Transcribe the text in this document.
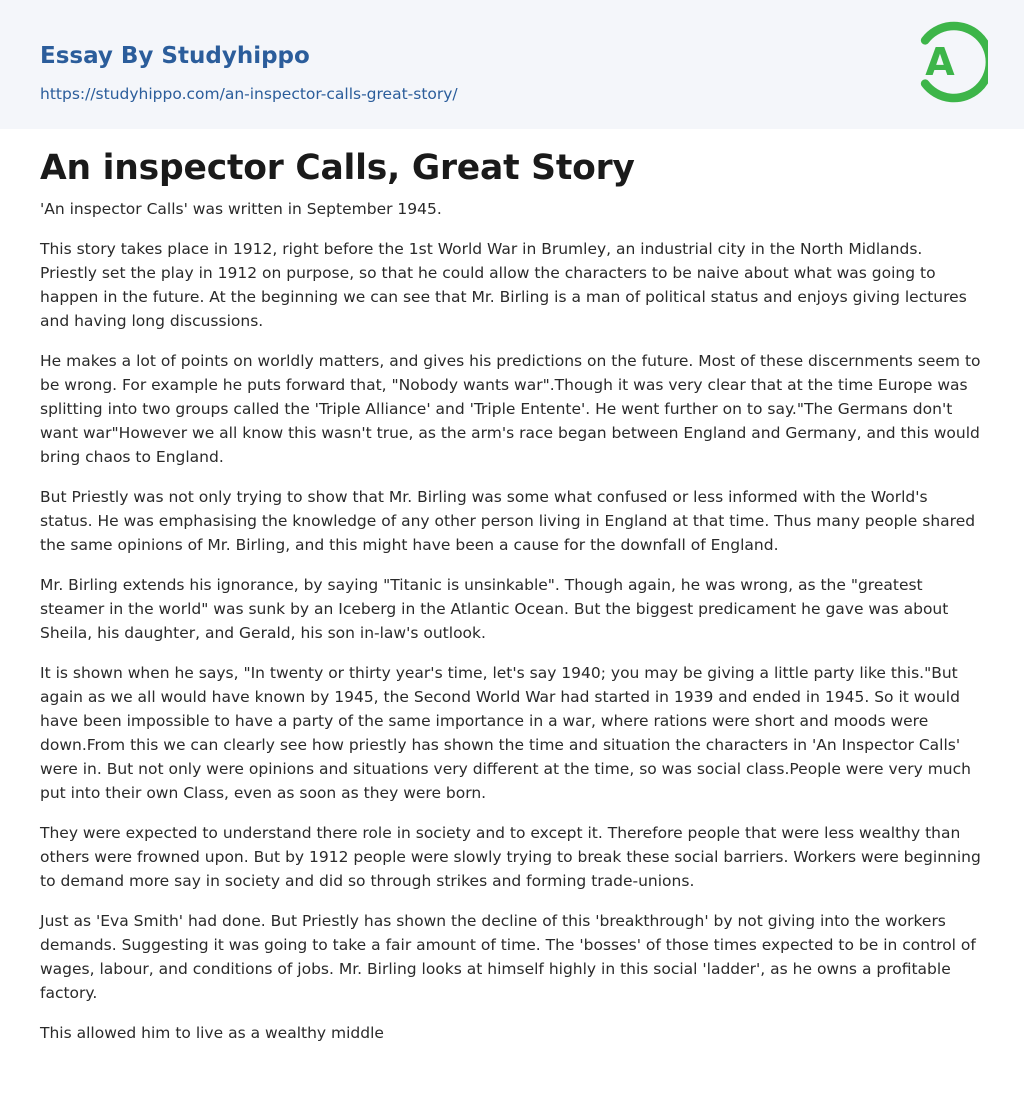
Essay By Studyhippo
https://studyhippo.com/an-inspector-calls-great-story/
A
An inspector Calls, Great Story

'An inspector Calls' was written in September 1945.

This story takes place in 1912, right before the 1st World War in Brumley, an industrial city in the North Midlands. Priestly set the play in 1912 on purpose, so that he could allow the characters to be naive about what was going to happen in the future. At the beginning we can see that Mr. Birling is a man of political status and enjoys giving lectures and having long discussions.

He makes a lot of points on worldly matters, and gives his predictions on the future. Most of these discernments seem to be wrong. For example he puts forward that, "Nobody wants war".Though it was very clear that at the time Europe was splitting into two groups called the 'Triple Alliance' and 'Triple Entente'. He went further on to say."The Germans don't want war"However we all know this wasn't true, as the arm's race began between England and Germany, and this would bring chaos to England.

But Priestly was not only trying to show that Mr. Birling was some what confused or less informed with the World's status. He was emphasising the knowledge of any other person living in England at that time. Thus many people shared the same opinions of Mr. Birling, and this might have been a cause for the downfall of England.

Mr. Birling extends his ignorance, by saying "Titanic is unsinkable". Though again, he was wrong, as the "greatest steamer in the world" was sunk by an Iceberg in the Atlantic Ocean. But the biggest predicament he gave was about Sheila, his daughter, and Gerald, his son in-law's outlook.

It is shown when he says, "In twenty or thirty year's time, let's say 1940; you may be giving a little party like this."But again as we all would have known by 1945, the Second World War had started in 1939 and ended in 1945. So it would have been impossible to have a party of the same importance in a war, where rations were short and moods were down.From this we can clearly see how priestly has shown the time and situation the characters in 'An Inspector Calls' were in. But not only were opinions and situations very different at the time, so was social class.People were very much put into their own Class, even as soon as they were born.

They were expected to understand there role in society and to except it. Therefore people that were less wealthy than others were frowned upon. But by 1912 people were slowly trying to break these social barriers. Workers were beginning to demand more say in society and did so through strikes and forming trade-unions.

Just as 'Eva Smith' had done. But Priestly has shown the decline of this 'breakthrough' by not giving into the workers demands. Suggesting it was going to take a fair amount of time. The 'bosses' of those times expected to be in control of wages, labour, and conditions of jobs. Mr. Birling looks at himself highly in this social 'ladder', as he owns a profitable factory.

This allowed him to live as a wealthy middle
